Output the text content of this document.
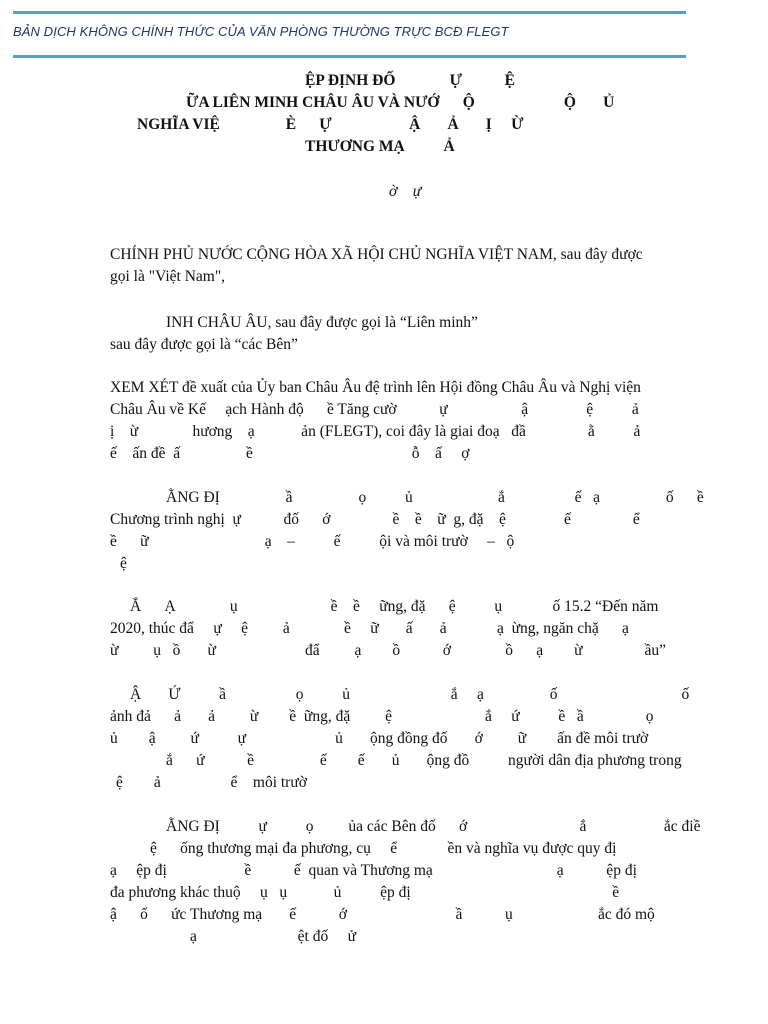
BẢN DỊCH KHÔNG CHÍNH THỨC CỦA VĂN PHÒNG THƯỜNG TRỰC BCĐ FLEGT
ỆP ĐỊNH ĐỐ              Ự           Ệ
ỮA LIÊN MINH CHÂU ÂU VÀ NƯỚ      Ộ                       Ộ       Ủ
NGHĨA VIỆ                 È      Ự                    Ậ       Ả       Ị     Ừ
THƯƠNG MẠ          Ả
ờ    ự
CHÍNH PHỦ NƯỚC CỘNG HÒA XÃ HỘI CHỦ NGHĨA VIỆT NAM, sau đây được
gọi là "Việt Nam",
INH CHÂU ÂU, sau đây được gọi là “Liên minh”
sau đây được gọi là “các Bên”
XEM XÉT đề xuất của Ủy ban Châu Âu đệ trình lên Hội đồng Châu Âu và Nghị viện
Châu Âu về Kế     ạch Hành độ      ề Tăng cườ           ự                   ậ               ệ          ả
ị    ừ              hương    ạ            ản (FLEGT), coi đây là giai đoạ   đầ                ằ          ả
ế    ấn đề  ấ                 ề                                         ỗ    ấ     ợ
ẰNG ĐỊ                 ầ                 ọ          ủ                      ắ                  ế   ạ                 ố      ề
Chương trình nghị  ự           đố      ớ                ề    ề    ữ  g, đặ    ệ               ế                ể
ề      ữ                              ạ    –          ế          ội và môi trườ     –   ộ
ệ
Ắ      Ạ              ụ                        ề    ề     ững, đặ      ệ          ụ             ố 15.2 “Đến năm
2020, thúc đẩ     ự     ệ         ả              ề     ữ       ấ       ả             ạ  ừng, ngăn chặ      ạ
ừ         ụ   ồ       ừ                       đẩ         ạ        ồ           ớ              ồ      ạ        ừ                ầu”
Ậ       Ứ          ầ                  ọ          ủ                          ắ     ạ                 ố                                ố
ảnh đả      ả       ả         ừ        ề  ững, đặ         ệ                        ắ     ứ          ề   ầ                ọ
ủ        ậ         ứ          ự                       ủ       ộng đồng đố       ớ         ữ        ấn đề môi trườ
ắ      ứ           ề                 ế        ế       ủ       ộng đồ          người dân địa phương trong
ệ        ả                  ể    môi trườ
ẰNG ĐỊ          ự          ọ         ủa các Bên đố      ớ                             ắ                    ắc điề
ệ      ống thương mại đa phương, cụ     ể             ền và nghĩa vụ được quy đị
ạ     ệp đị                    ề           ế  quan và Thương mạ                                ạ           ệp đị
đa phương khác thuộ     ụ   ụ            ủ          ệp đị                                                    ề
ậ      ố      ức Thương mạ       ế           ớ                            ầ           ụ                      ắc đó mộ
ạ                          ệt đố     ử
